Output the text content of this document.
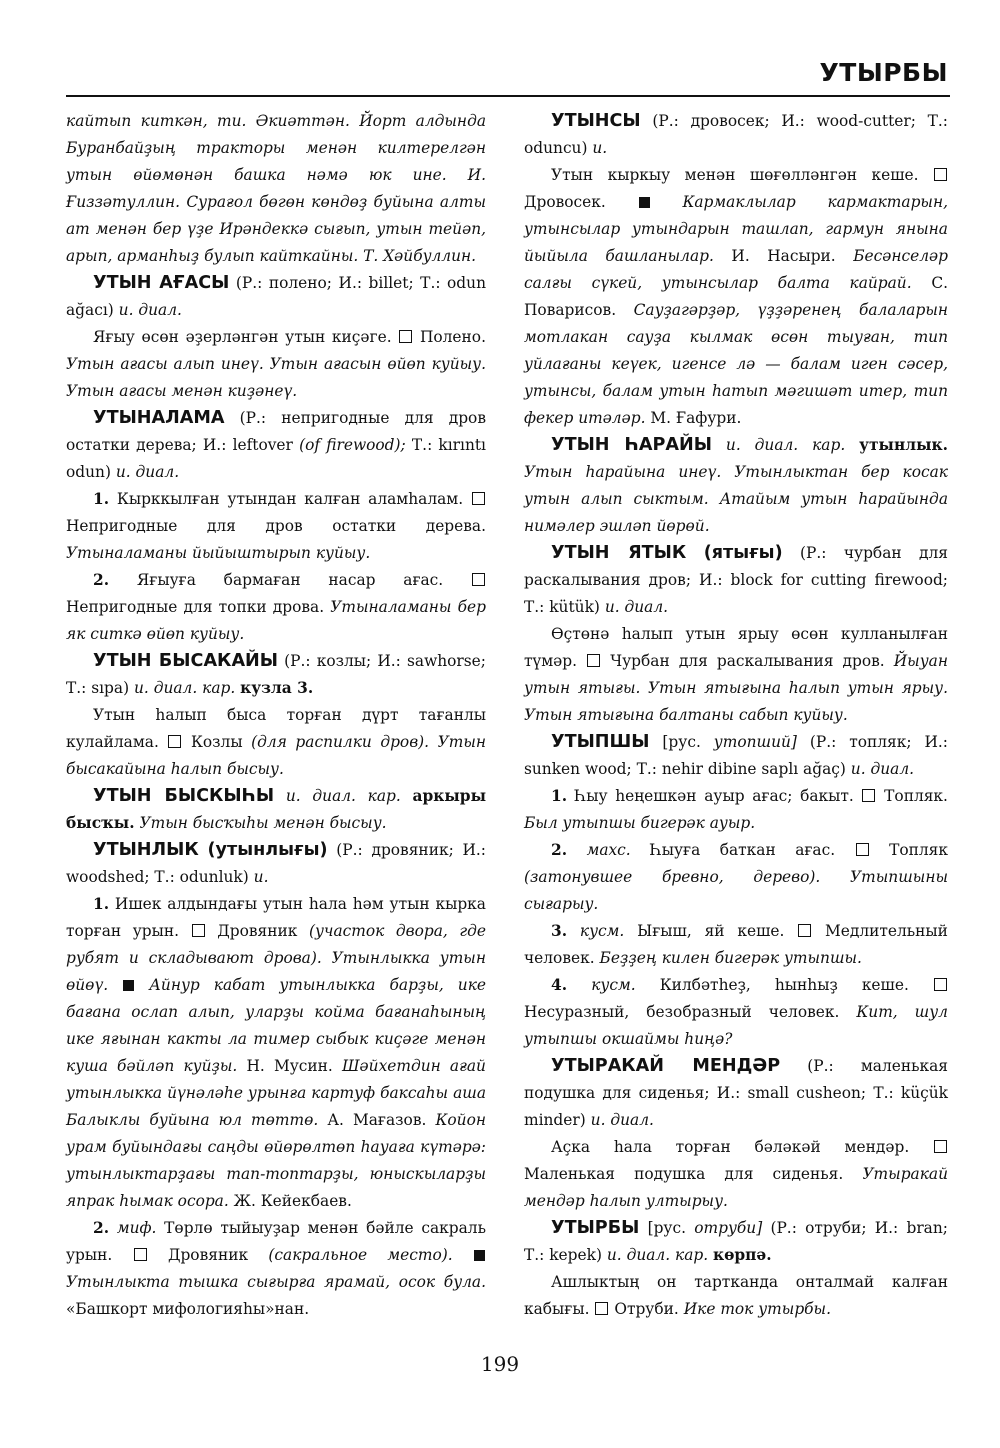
УТЫРБЫ

кайтып киткән, ти. Әкиәттән. Йорт алдында Буранбайҙың тракторы менән килтерелгән утын өйөмөнән башка нәмә юк ине. И. Ғиззәтуллин. Сурағол бөгөн көндөҙ буйына алты ат менән бер үҙе Ирәндеккә сығып, утын тейәп, арып, арманһыҙ булып кайткайны. Т. Хәйбуллин.

УТЫН АҒАСЫ (Р.: полено; И.: billet; Т.: odun ağacı) и. диал.

Яғыу өсөн әҙерләнгән утын киҫәге. Полено. Утын ағасы алып инеү. Утын ағасын өйөп куйыу. Утын ағасы менән киҙәнеү.

УТЫНАЛАМА (Р.: непригодные для дров остатки дерева; И.: leftover (of firewood); Т.: kırıntı odun) и. диал.

1. Кырккылған утындан калған аламһалам.  Непригодные для дров остатки дерева. Утыналаманы йыйыштырып куйыу.

2. Яғыуға бармаған насар ағас.  Непригодные для топки дрова. Утыналаманы бер як ситкә өйөп куйыу.

УТЫН БЫСАКАЙЫ (Р.: козлы; И.: sawhorse; Т.: sıpa) и. диал. кар. кузла 3.

Утын һалып быса торған дүрт тағанлы кулайлама. Козлы (для распилки дров). Утын бысакайына һалып бысыу.

УТЫН БЫСКЫҺЫ и. диал. кар. аркыры бысҡы. Утын бысҡыһы менән бысыу.

УТЫНЛЫК (утынлығы) (Р.: дровяник; И.: woodshed; Т.: odunluk) и.

1. Ишек алдындағы утын һала һәм утын кырка торған урын. Дровяник (участок двора, где рубят и складывают дрова). Утынлыкка утын өйөү.	Айнур кабат утынлыкка барҙы, ике бағана ослап алып, уларҙы койма бағанаһының ике яғынан какты ла тимер сыбык киҫәге менән куша бәйләп куйҙы. Н. Мусин. Шәйхетдин ағай утынлыкка йүнәләһе урынға картуф баксаһы аша Балыклы буйына юл төттө. А. Мағазов. Койон урам буйындағы саңды өйөрөлтөп һауаға күтәрә: утынлыктарҙағы тап-топтарҙы, юныскыларҙы япрак һымак осора. Ж. Кейекбаев.

2. миф. Төрлө тыйыуҙар менән бәйле сакраль урын.	Дровяник (сакральное место).  Утынлыкта тышка сығырға ярамай, осок була. «Башкорт мифологияһы»нан.

УТЫНСЫ (Р.: дровосек; И.: wood-cutter; Т.: oduncu) и.

Утын кыркыу менән шөғөлләнгән кеше.  Дровосек.	Кармаклылар кармактарын, утынсылар утындарын ташлап, гармун янына йыйыла башланылар. И. Насыри. Бесәнселәр салғы сүкей, утынсылар балта кайрай. С. Поварисов. Сауҙагәрҙәр, үҙҙәренең балаларын мотлакан сауҙа кылмак өсөн тыуған, тип уйлағаны кеүек, игенсе лә — балам иген сәсер, утынсы, балам утын һатып мәгишәт итер, тип фекер итәләр. М. Ғафури.

УТЫН ҺАРАЙЫ и. диал. кар. утынлык. Утын һарайына инеү. Утынлыктан бер косак утын алып сыктым. Атайым утын һарайында нимәлер эшләп йөрөй.

УТЫН ЯТЫК (ятығы) (Р.: чурбан для раскалывания дров; И.: block for cutting firewood; Т.: kütük) и. диал.

Өҫтөнә һалып утын ярыу өсөн кулланылған түмәр. Чурбан для раскалывания дров. Йыуан утын ятығы. Утын ятығына һалып утын ярыу. Утын ятығына балтаны сабып куйыу.

УТЫПШЫ [рус. утопший] (Р.: топляк; И.: sunken wood; Т.: nehir dibine saplı ağaç) и. диал.

1. Һыу һеңешкән ауыр ағас; бакыт. Топляк. Был утыпшы бигерәк ауыр.

2. махс. Һыуға баткан ағас.	Топляк (затонувшее бревно, дерево). Утыпшыны сығарыу.

3. кусм. Ығыш, яй кеше.	Медлительный человек. Беҙҙең килен бигерәк утыпшы.

4. кусм. Килбәтһеҙ, һынһыҙ кеше.  Несуразный, безобразный человек. Кит, шул утыпшы окшаймы һиңә?

УТЫРАКАЙ МЕНДӘР (Р.: маленькая подушка для сиденья; И.: small cusheon; Т.: küçük minder) и. диал.

Аҫка һала торған бәләкәй мендәр.  Маленькая подушка для сиденья. Утыракай мендәр һалып ултырыу.

УТЫРБЫ [рус. отруби] (Р.: отруби; И.: bran; Т.: kepek) и. диал. кар. көрпә.

Ашлыктың он тартканда онталмай калған кабығы. Отруби. Ике ток утырбы.

199
